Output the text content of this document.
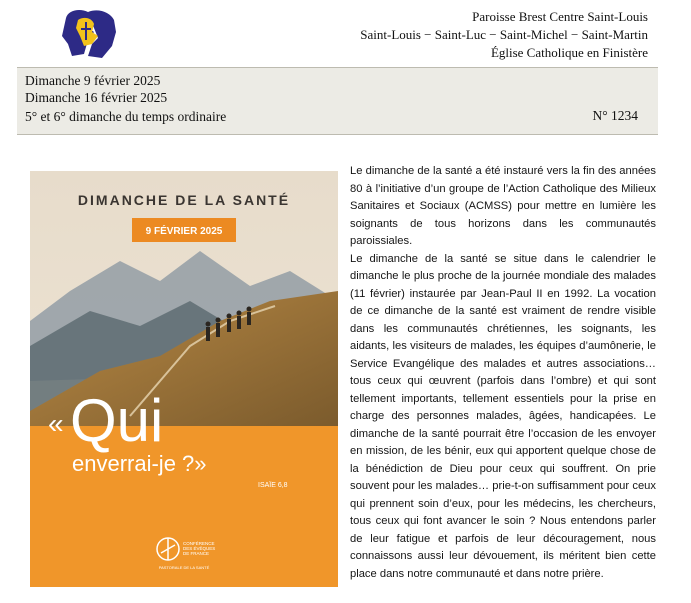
Paroisse Brest Centre Saint-Louis
Saint-Louis − Saint-Luc − Saint-Michel − Saint-Martin
Église Catholique en Finistère
Dimanche 9 février 2025
Dimanche 16 février 2025
5° et 6° dimanche du temps ordinaire	N° 1234
DIMANCHE DE LA SANTÉ
9 FÉVRIER 2025
« Qui
enverrai-je ?»
ISAÏE 6,8
CONFÉRENCE
DES ÉVÊQUES
DE FRANCE
PASTORALE DE LA SANTÉ

Le dimanche de la santé a été instauré vers la fin des années 80 à l’initiative d’un groupe de l’Action Catholique des Milieux Sanitaires et Sociaux (ACMSS) pour mettre en lumière les soignants de tous horizons dans les communautés paroissiales.

Le dimanche de la santé se situe dans le calendrier le dimanche le plus proche de la journée mondiale des malades (11 février) instaurée par Jean-Paul II en 1992. La vocation de ce dimanche de la santé est vraiment de rendre visible dans les communautés chrétiennes, les soignants, les aidants, les visiteurs de malades, les équipes d’aumônerie, le Service Evangélique des malades et autres associations… tous ceux qui œuvrent (parfois dans l’ombre) et qui sont tellement importants, tellement essentiels pour la prise en charge des personnes malades, âgées, handicapées. Le dimanche de la santé pourrait être l’occasion de les envoyer en mission, de les bénir, eux qui apportent quelque chose de la bénédiction de Dieu pour ceux qui souffrent. On prie souvent pour les malades… prie-t-on suffisamment pour ceux qui prennent soin d’eux, pour les médecins, les chercheurs, tous ceux qui font avancer le soin ? Nous entendons parler de leur fatigue et parfois de leur découragement, nous connaissons aussi leur dévouement, ils méritent bien cette place dans notre communauté et dans notre prière.
